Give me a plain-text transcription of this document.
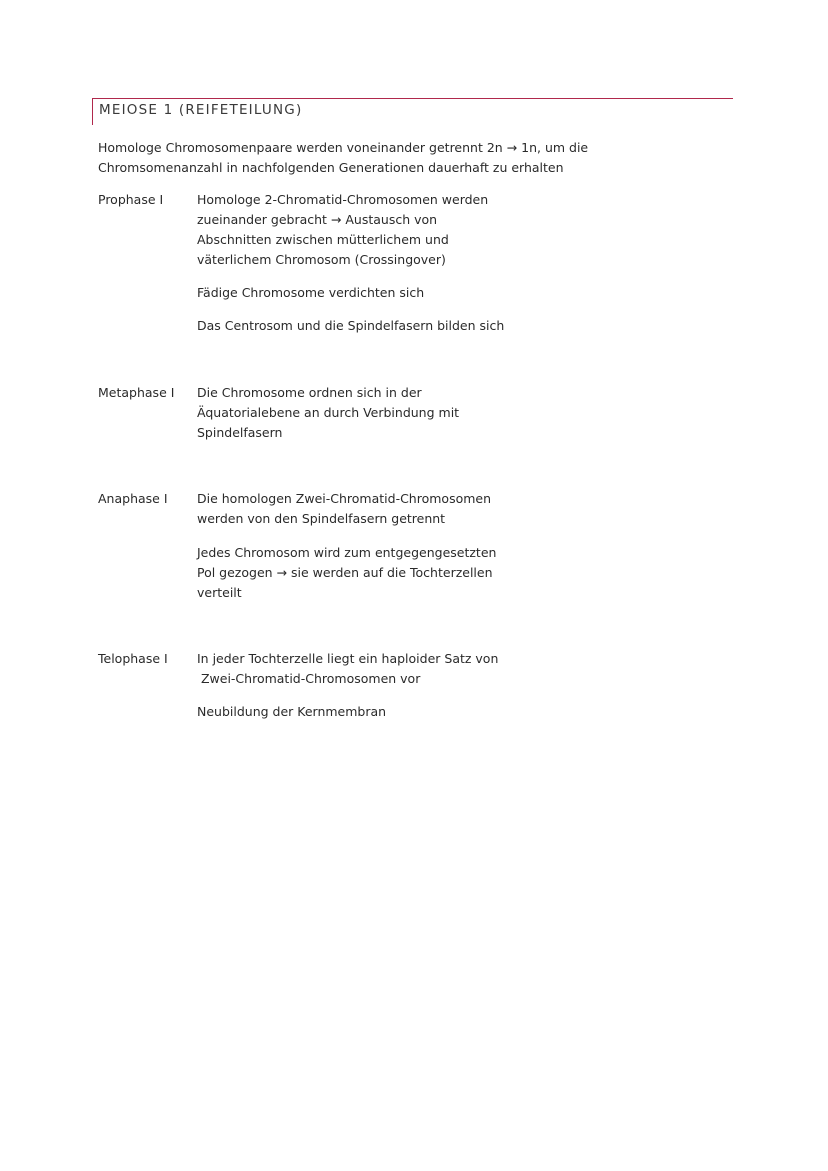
MEIOSE 1 (REIFETEILUNG)
Homologe Chromosomenpaare werden voneinander getrennt 2n → 1n, um die
Chromsomenanzahl in nachfolgenden Generationen dauerhaft zu erhalten
Prophase I	Homologe 2-Chromatid-Chromosomen werden
zueinander gebracht → Austausch von
Abschnitten zwischen mütterlichem und
väterlichem Chromosom (Crossingover)
Fädige Chromosome verdichten sich
Das Centrosom und die Spindelfasern bilden sich
Metaphase I Die Chromosome ordnen sich in der
Äquatorialebene an durch Verbindung mit
Spindelfasern
Anaphase I Die homologen Zwei-Chromatid-Chromosomen
werden von den Spindelfasern getrennt
Jedes Chromosom wird zum entgegengesetzten
Pol gezogen → sie werden auf die Tochterzellen
verteilt
Telophase I In jeder Tochterzelle liegt ein haploider Satz von
Zwei-Chromatid-Chromosomen vor
Neubildung der Kernmembran
